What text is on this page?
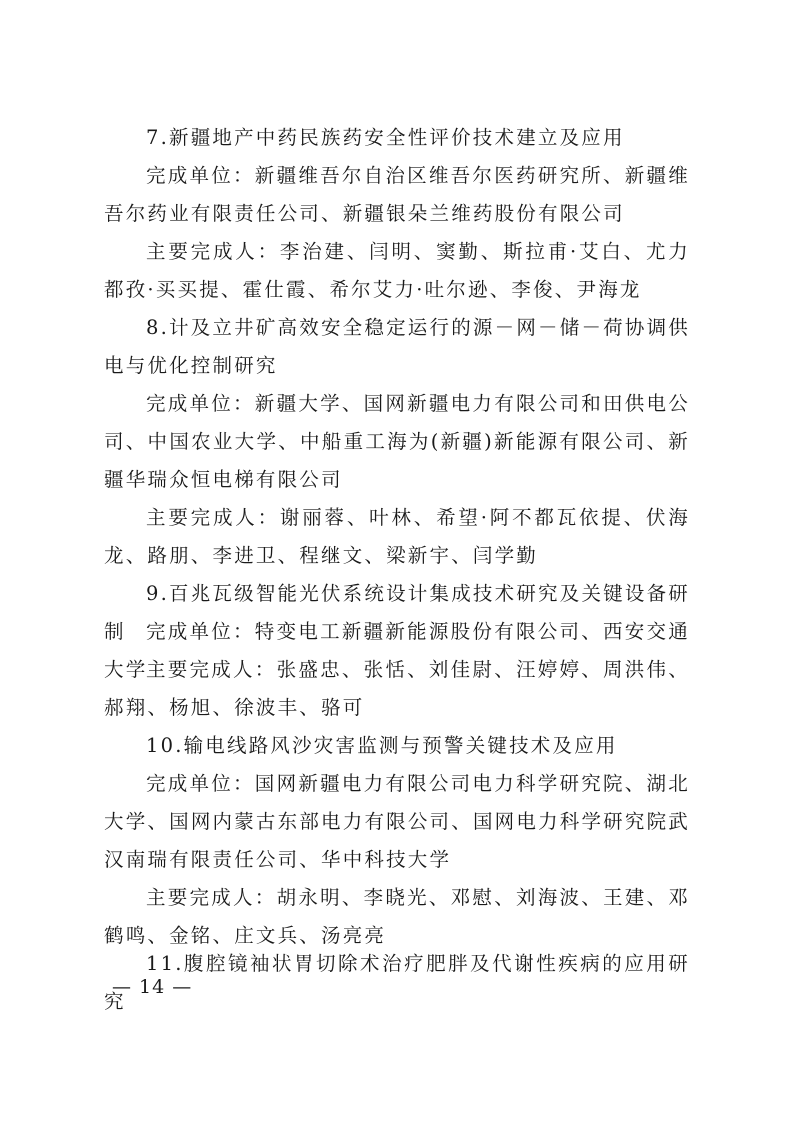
7.新疆地产中药民族药安全性评价技术建立及应用

完成单位：新疆维吾尔自治区维吾尔医药研究所、新疆维吾尔药业有限责任公司、新疆银朵兰维药股份有限公司

主要完成人：李治建、闫明、窦勤、斯拉甫·艾白、尤力都孜·买买提、霍仕霞、希尔艾力·吐尔逊、李俊、尹海龙

8.计及立井矿高效安全稳定运行的源－网－储－荷协调供电与优化控制研究

完成单位：新疆大学、国网新疆电力有限公司和田供电公司、中国农业大学、中船重工海为(新疆)新能源有限公司、新疆华瑞众恒电梯有限公司

主要完成人：谢丽蓉、叶林、希望·阿不都瓦依提、伏海龙、路朋、李进卫、程继文、梁新宇、闫学勤

9.百兆瓦级智能光伏系统设计集成技术研究及关键设备研制	完成单位：特变电工新疆新能源股份有限公司、西安交通大学

主要完成人：张盛忠、张恬、刘佳尉、汪婷婷、周洪伟、郝翔、杨旭、徐波丰、骆可

10.输电线路风沙灾害监测与预警关键技术及应用

完成单位：国网新疆电力有限公司电力科学研究院、湖北大学、国网内蒙古东部电力有限公司、国网电力科学研究院武汉南瑞有限责任公司、华中科技大学

主要完成人：胡永明、李晓光、邓慰、刘海波、王建、邓鹤鸣、金铭、庄文兵、汤亮亮

11.腹腔镜袖状胃切除术治疗肥胖及代谢性疾病的应用研究

— 14 —
